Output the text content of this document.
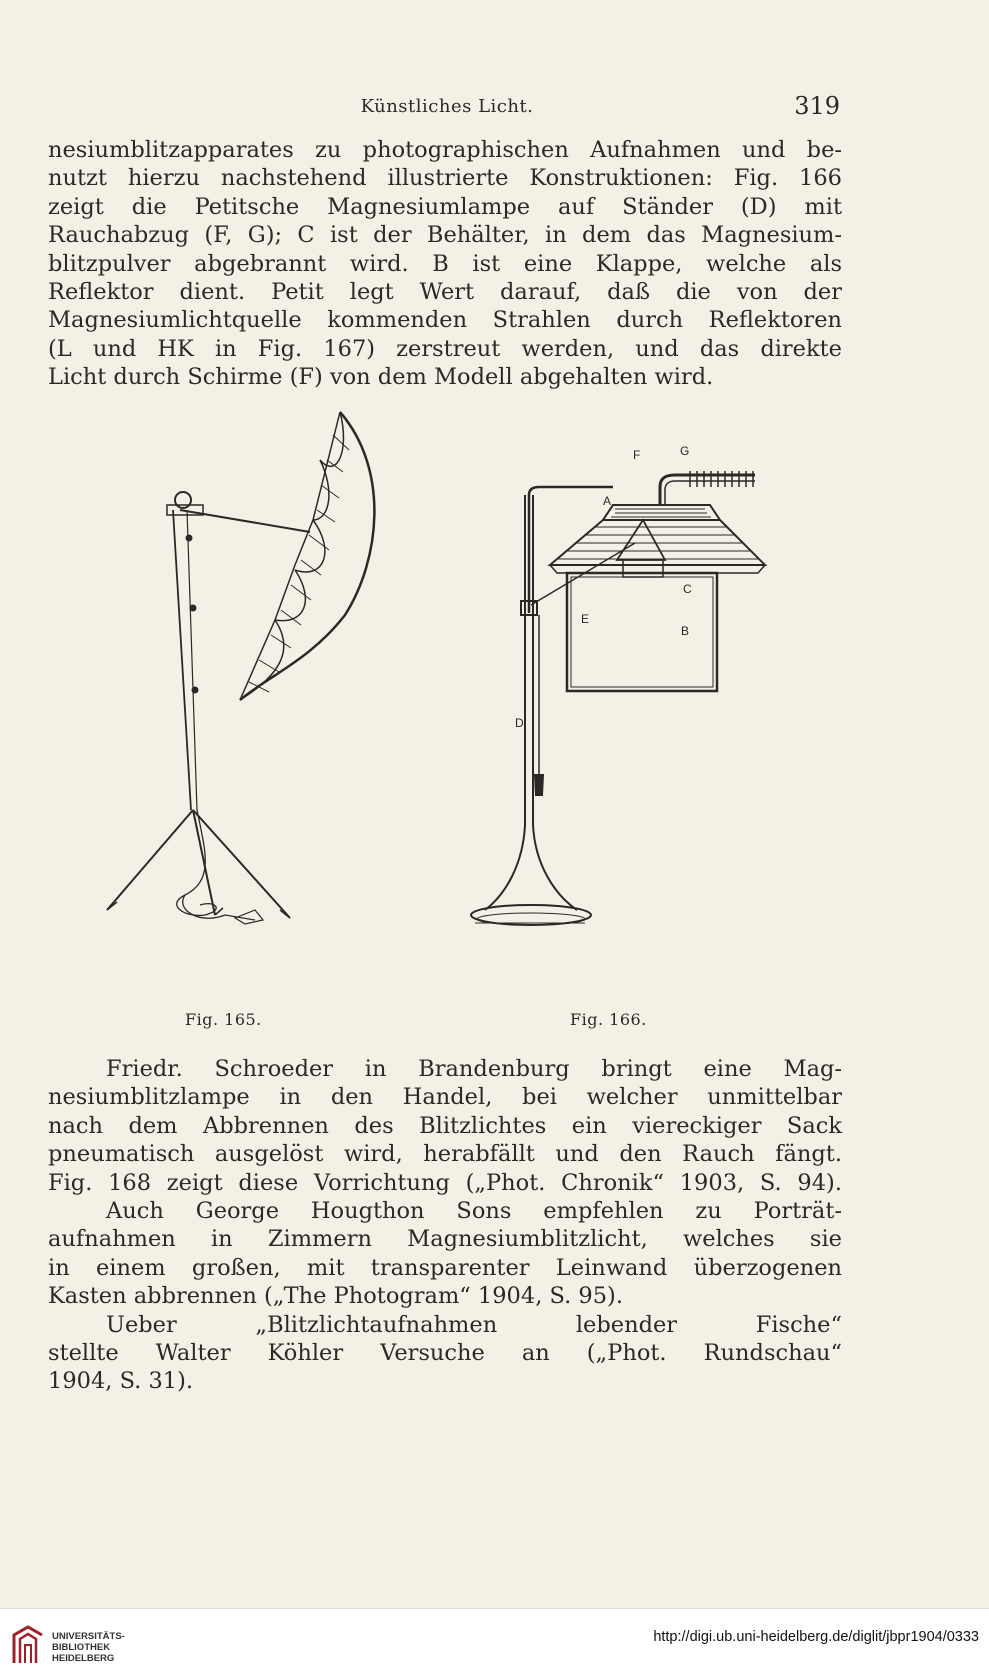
Künstliches Licht.	319
nesiumblitzapparates zu photographischen Aufnahmen und be-
nutzt hierzu nachstehend illustrierte Konstruktionen: Fig. 166
zeigt die Petitsche Magnesiumlampe auf Ständer (D) mit
Rauchabzug (F, G); C ist der Behälter, in dem das Magnesium-
blitzpulver abgebrannt wird. B ist eine Klappe, welche als
Reflektor dient. Petit legt Wert darauf, daß die von der
Magnesiumlichtquelle kommenden Strahlen durch Reflektoren
(L und HK in Fig. 167) zerstreut werden, und das direkte
Licht durch Schirme (F) von dem Modell abgehalten wird.
Fig. 165.
F	G
A
C
E
B
D
Fig. 166.
Friedr. Schroeder in Brandenburg bringt eine Mag-
nesiumblitzlampe in den Handel, bei welcher unmittelbar
nach dem Abbrennen des Blitzlichtes ein viereckiger Sack
pneumatisch ausgelöst wird, herabfällt und den Rauch fängt.
Fig. 168 zeigt diese Vorrichtung („Phot. Chronik“ 1903, S. 94).
Auch George Hougthon Sons empfehlen zu Porträt-
aufnahmen in Zimmern Magnesiumblitzlicht, welches sie
in einem großen, mit transparenter Leinwand überzogenen
Kasten abbrennen („The Photogram“ 1904, S. 95).
Ueber „Blitzlichtaufnahmen lebender Fische“
stellte Walter Köhler Versuche an („Phot. Rundschau“
1904, S. 31).
UNIVERSITÄTS-
BIBLIOTHEK
HEIDELBERG
http://digi.ub.uni-heidelberg.de/diglit/jbpr1904/0333
